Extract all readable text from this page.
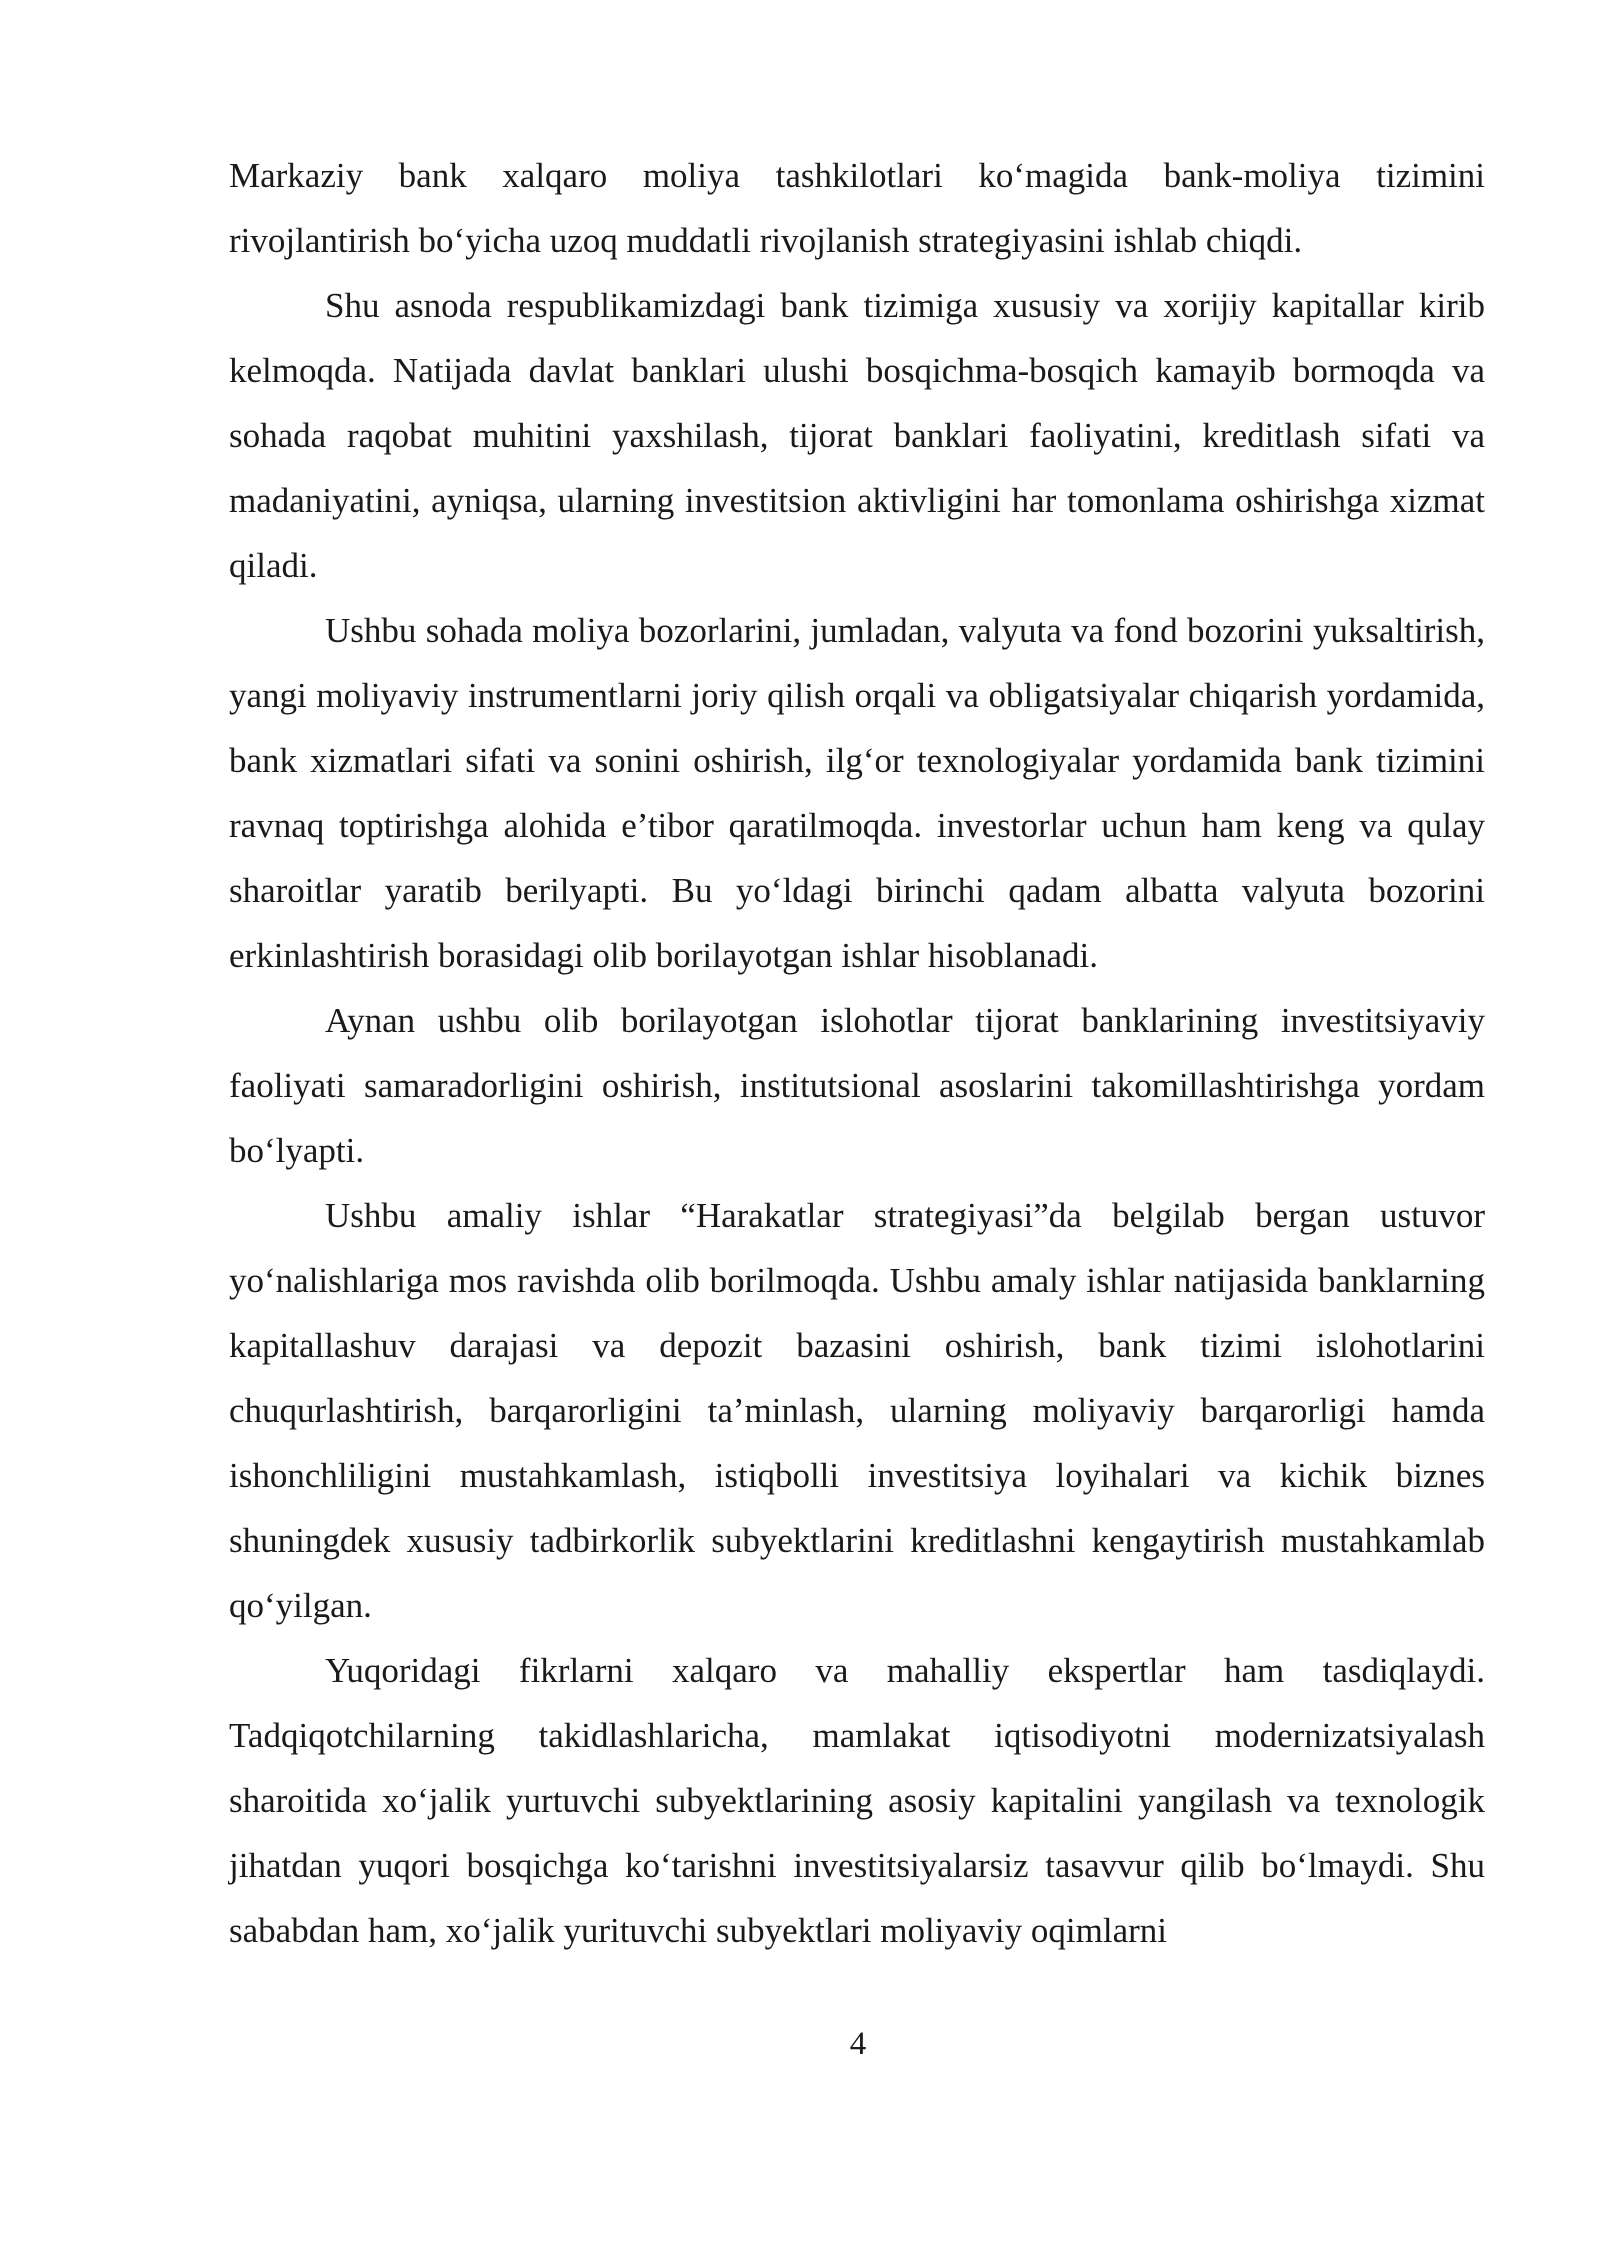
Markaziy bank xalqaro moliya tashkilotlari ko‘magida bank-moliya tizimini rivojlantirish bo‘yicha uzoq muddatli rivojlanish strategiyasini ishlab chiqdi.

Shu asnoda respublikamizdagi bank tizimiga xususiy va xorijiy kapitallar kirib kelmoqda. Natijada davlat banklari ulushi bosqichma-bosqich kamayib bormoqda va sohada raqobat muhitini yaxshilash, tijorat banklari faoliyatini, kreditlash sifati va madaniyatini, ayniqsa, ularning investitsion aktivligini har tomonlama oshirishga xizmat qiladi.

Ushbu sohada moliya bozorlarini, jumladan, valyuta va fond bozorini yuksaltirish, yangi moliyaviy instrumentlarni joriy qilish orqali va obligatsiyalar chiqarish yordamida, bank xizmatlari sifati va sonini oshirish, ilg‘or texnologiyalar yordamida bank tizimini ravnaq toptirishga alohida e’tibor qaratilmoqda. investorlar uchun ham keng va qulay sharoitlar yaratib berilyapti. Bu yo‘ldagi birinchi qadam albatta valyuta bozorini erkinlashtirish borasidagi olib borilayotgan ishlar hisoblanadi.

Aynan ushbu olib borilayotgan islohotlar tijorat banklarining investitsiyaviy faoliyati samaradorligini oshirish, institutsional asoslarini takomillashtirishga yordam bo‘lyapti.

Ushbu amaliy ishlar “Harakatlar strategiyasi”da belgilab bergan ustuvor yo‘nalishlariga mos ravishda olib borilmoqda. Ushbu amaly ishlar natijasida banklarning kapitallashuv darajasi va depozit bazasini oshirish, bank tizimi islohotlarini chuqurlashtirish, barqarorligini ta’minlash, ularning moliyaviy barqarorligi hamda ishonchliligini mustahkamlash, istiqbolli investitsiya loyihalari va kichik biznes shuningdek xususiy tadbirkorlik subyektlarini kreditlashni kengaytirish mustahkamlab qo‘yilgan.

Yuqoridagi fikrlarni xalqaro va mahalliy ekspertlar ham tasdiqlaydi. Tadqiqotchilarning takidlashlaricha, mamlakat iqtisodiyotni modernizatsiyalash sharoitida xo‘jalik yurtuvchi subyektlarining asosiy kapitalini yangilash va texnologik jihatdan yuqori bosqichga ko‘tarishni investitsiyalarsiz tasavvur qilib bo‘lmaydi. Shu sababdan ham, xo‘jalik yurituvchi subyektlari moliyaviy oqimlarni

4
